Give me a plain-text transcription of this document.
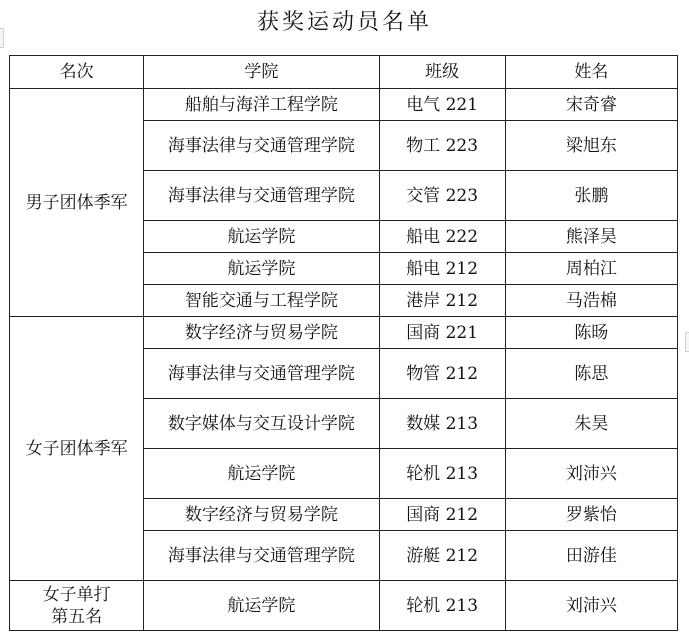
获奖运动员名单
名次	学院	班级	姓名

男子团体季军	船舶与海洋工程学院	电气 221	宋奇睿
	海事法律与交通管理学院	物工 223	梁旭东
	海事法律与交通管理学院	交管 223	张鹏
	航运学院	船电 222	熊泽昊
	航运学院	船电 212	周柏江
	智能交通与工程学院	港岸 212	马浩棉

女子团体季军	数字经济与贸易学院	国商 221	陈旸
	海事法律与交通管理学院	物管 212	陈思
	数字媒体与交互设计学院	数媒 213	朱昊
	航运学院	轮机 213	刘沛兴
	数字经济与贸易学院	国商 212	罗紫怡
	海事法律与交通管理学院	游艇 212	田游佳

女子单打
第五名	航运学院	轮机 213	刘沛兴
